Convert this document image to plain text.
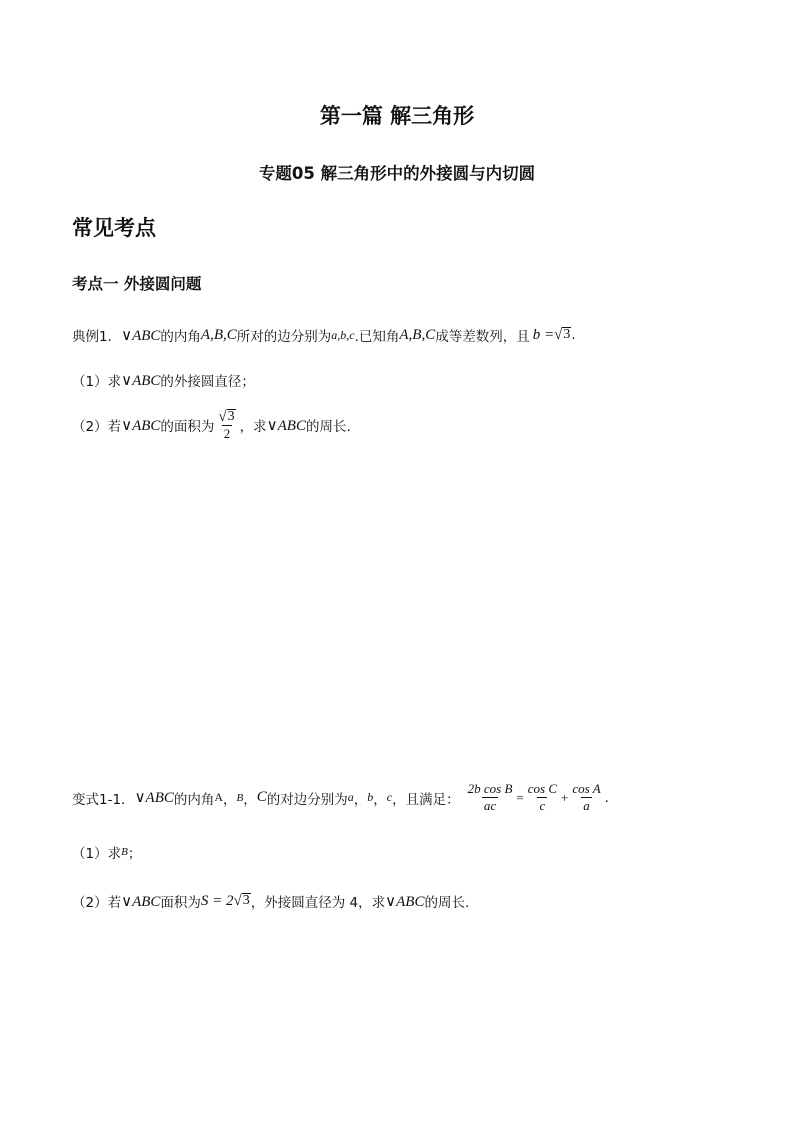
第一篇 解三角形
专题05 解三角形中的外接圆与内切圆
常见考点
考点一 外接圆问题
典例1． ∨ABC 的内角 A,B,C 所对的边分别为 a,b,c .已知角 A,B,C 成等差数列，且 b = √ 3 .
（1） 求 ∨ABC 的外接圆直径；
（2） 若 ∨ABC 的面积为 $\frac{√ 3}{2}$ ，求 ∨ABC 的周长.
变式1-1． ∨ABC 的内角 A ， B ， C 的对边分别为 a ， b ， c ，且满足： $\frac{\text{2b cos B}}{ac} = \frac{\text{cos C}}{c} + \frac{\text{cos A}}{a}$ .
（1） 求 B ；
（2） 若 ∨ABC 面积为 S = 2 √ 3 ，外接圆直径为 4，求 ∨ABC 的周长.
